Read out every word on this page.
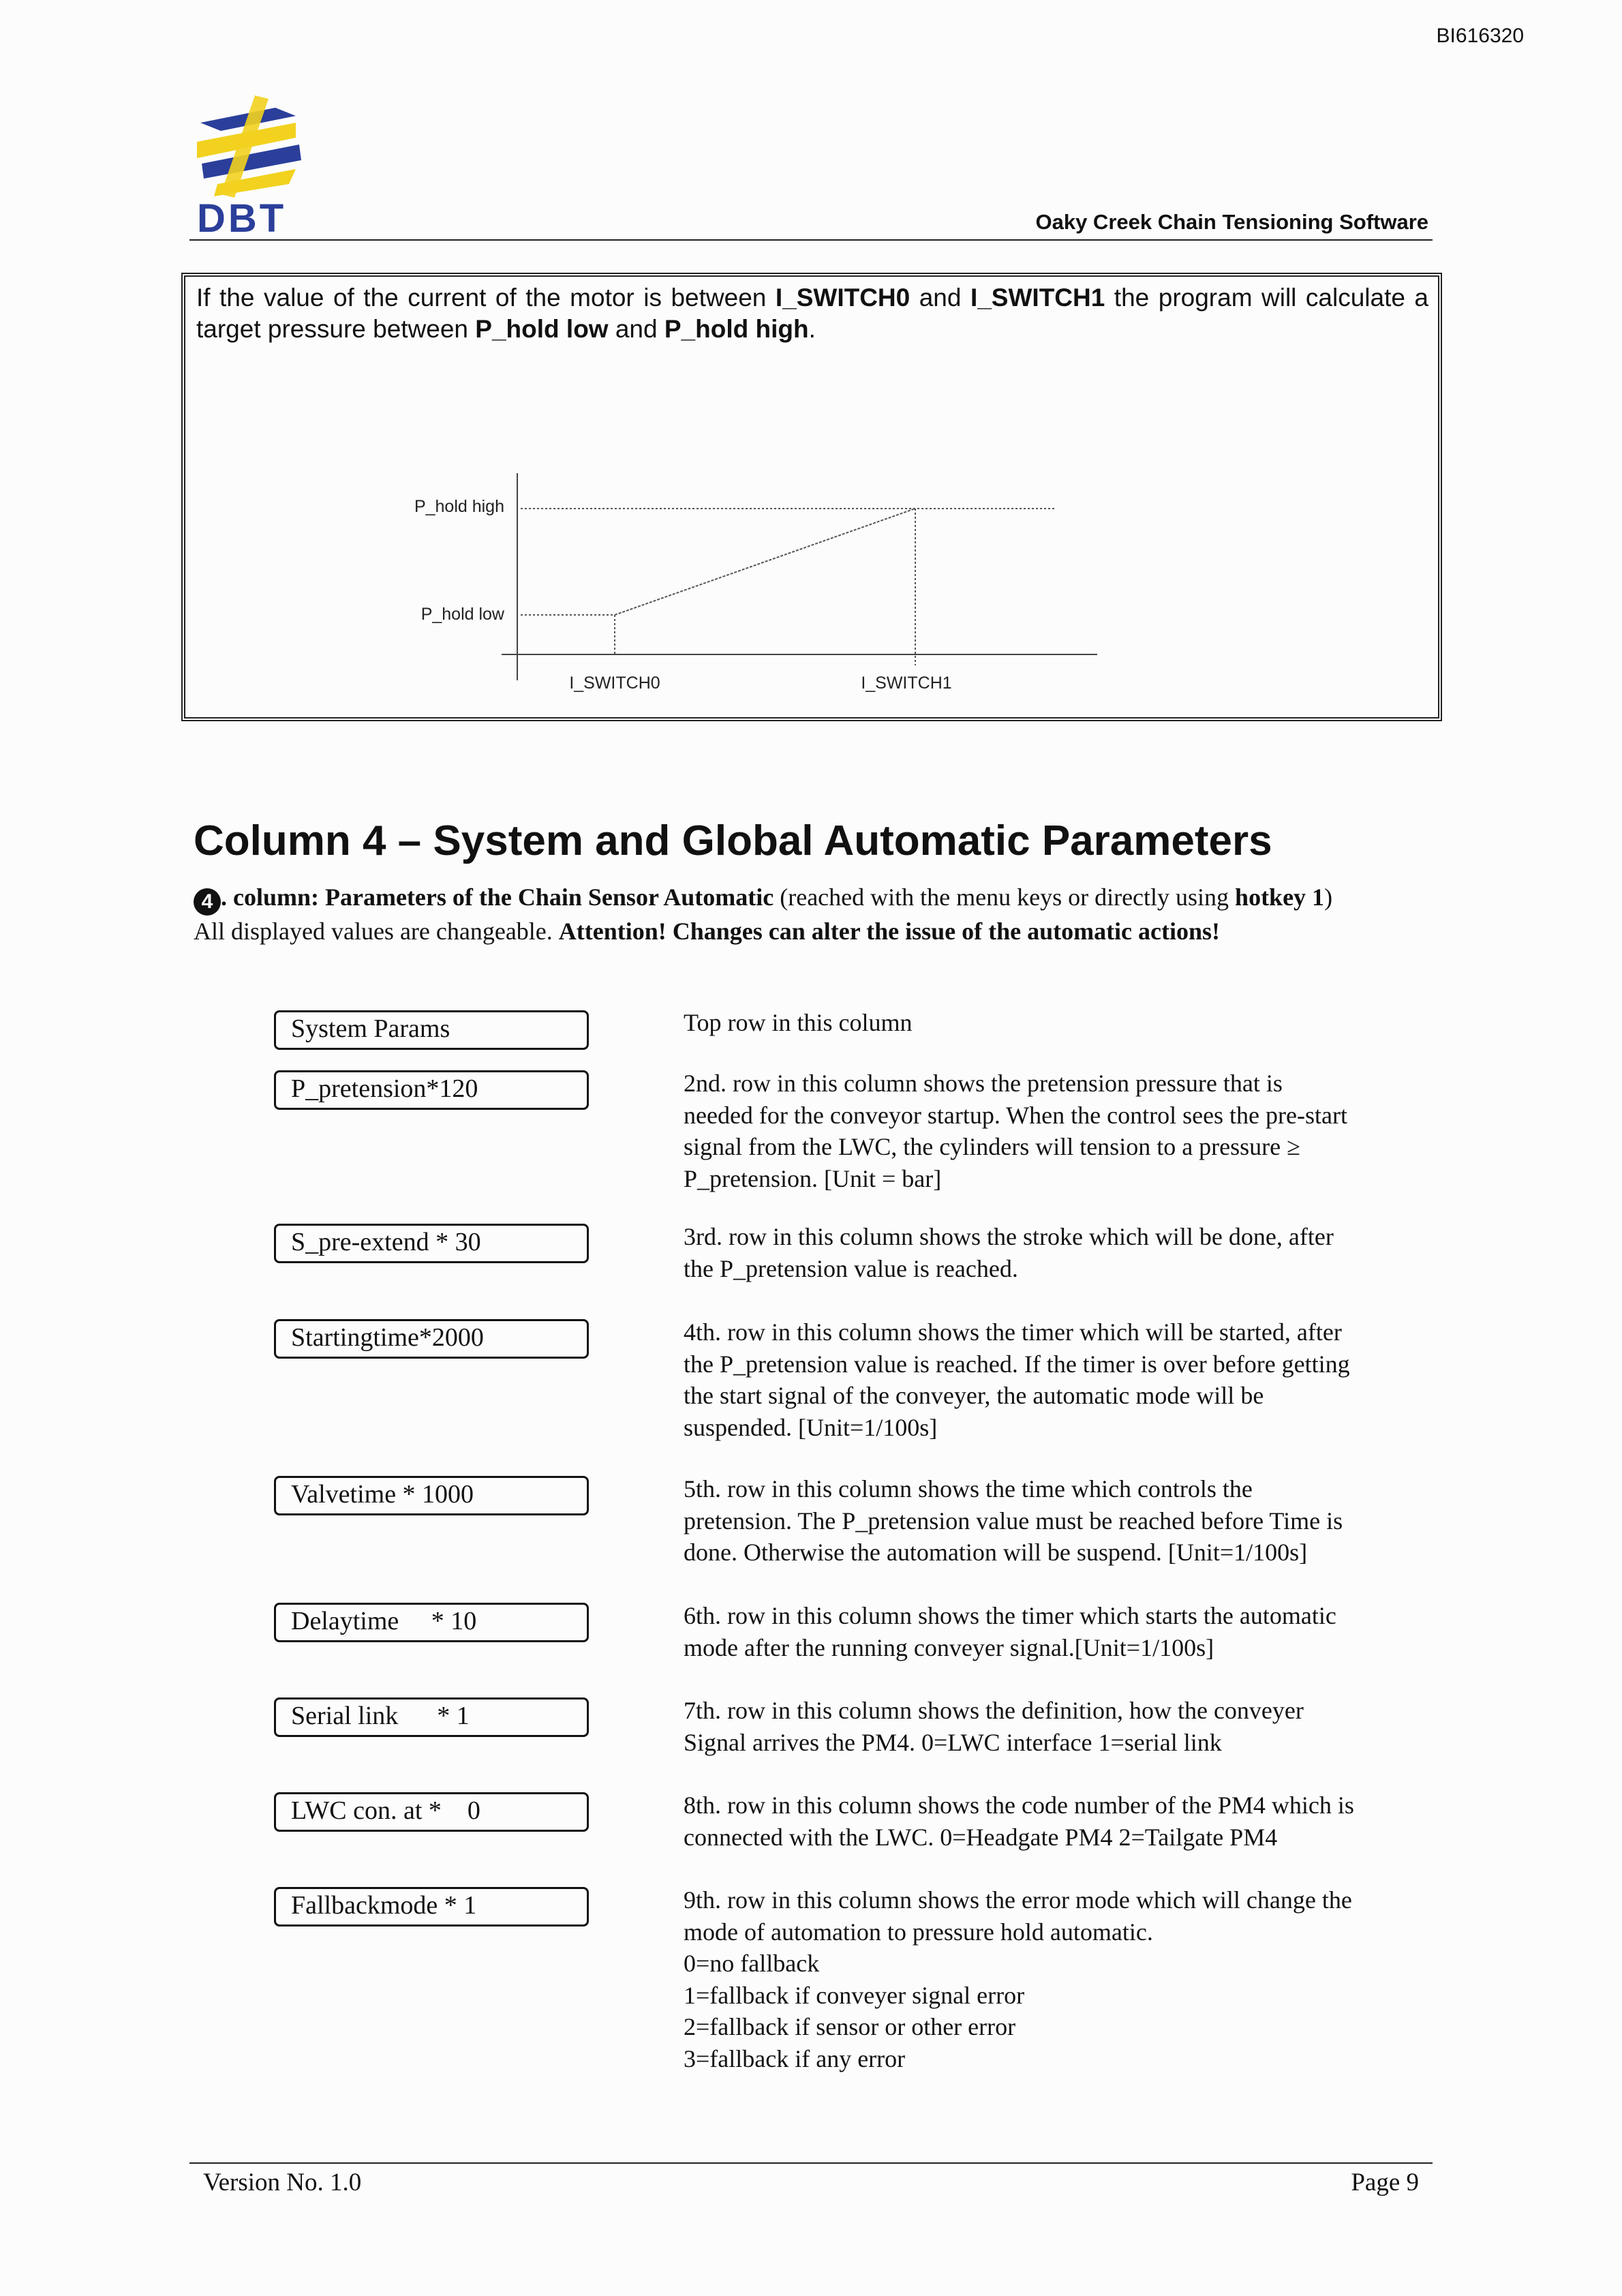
BI616320
DBT	Oaky Creek Chain Tensioning Software
If the value of the current of the motor is between I_SWITCH0 and I_SWITCH1 the program will calculate a target pressure between P_hold low and P_hold high.
P_hold high
P_hold low
I_SWITCH0	I_SWITCH1
Column 4 – System and Global Automatic Parameters
4 . column: Parameters of the Chain Sensor Automatic (reached with the menu keys or directly using hotkey 1) All displayed values are changeable. Attention! Changes can alter the issue of the automatic actions!
System Params	Top row in this column
P_pretension*120	2nd. row in this column shows the pretension pressure that is
needed for the conveyor startup. When the control sees the pre-start
signal from the LWC, the cylinders will tension to a pressure ≥
P_pretension. [Unit = bar]
S_pre-extend * 30	3rd. row in this column shows the stroke which will be done, after
the P_pretension value is reached.
Startingtime*2000	4th. row in this column shows the timer which will be started, after
the P_pretension value is reached. If the timer is over before getting
the start signal of the conveyer, the automatic mode will be
suspended. [Unit=1/100s]
Valvetime * 1000	5th. row in this column shows the time which controls the
pretension. The P_pretension value must be reached before Time is
done. Otherwise the automation will be suspend. [Unit=1/100s]
Delaytime     * 10	6th. row in this column shows the timer which starts the automatic
mode after the running conveyer signal.[Unit=1/100s]
Serial link      * 1	7th. row in this column shows the definition, how the conveyer
Signal arrives the PM4. 0=LWC interface 1=serial link
LWC con. at *    0	8th. row in this column shows the code number of the PM4 which is
connected with the LWC. 0=Headgate PM4 2=Tailgate PM4
Fallbackmode * 1	9th. row in this column shows the error mode which will change the
mode of automation to pressure hold automatic.
0=no fallback
1=fallback if conveyer signal error
2=fallback if sensor or other error
3=fallback if any error
Version No. 1.0	Page 9
